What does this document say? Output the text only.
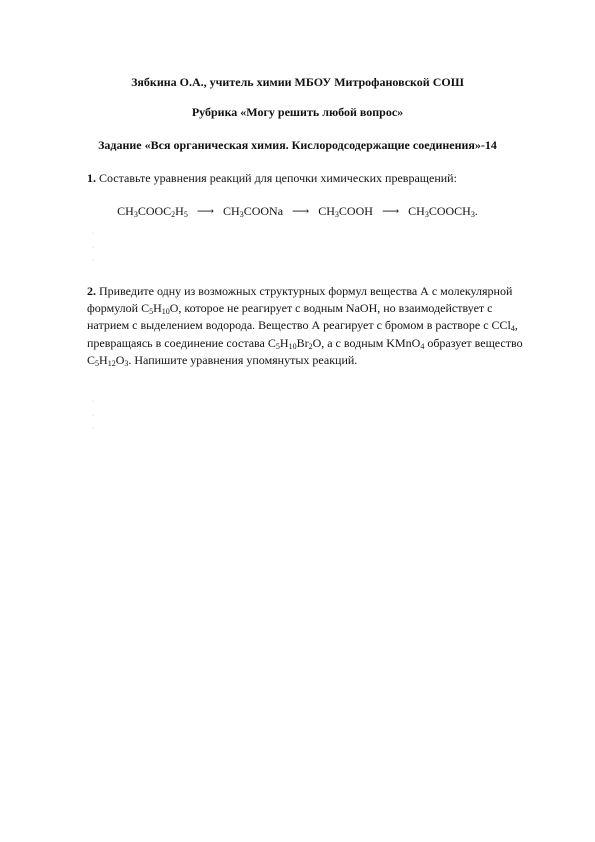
Зябкина О.А., учитель химии МБОУ Митрофановской СОШ
Рубрика «Могу решить любой вопрос»
Задание «Вся органическая химия. Кислородсодержащие соединения»-14
1. Составьте уравнения реакций для цепочки химических превращений:
$CH_3COOC_2H_5$ ⟶ $CH_3COONa$ ⟶ $CH_3COOH$ ⟶ $CH_3COOCH_3$.
·
·
·
2. Приведите одну из возможных структурных формул вещества А с молекулярной формулой $C_5H_{10}O$, которое не реагирует с водным NaOH, но взаимодействует с натрием с выделением водорода. Вещество А реагирует с бромом в растворе с CCl$_4$, превращаясь в соединение состава $C_5H_{10}Br_2O$, а с водным KMnO$_4$ образует вещество $C_5H_{12}O_3$. Напишите уравнения упомянутых реакций.
·
·
·
